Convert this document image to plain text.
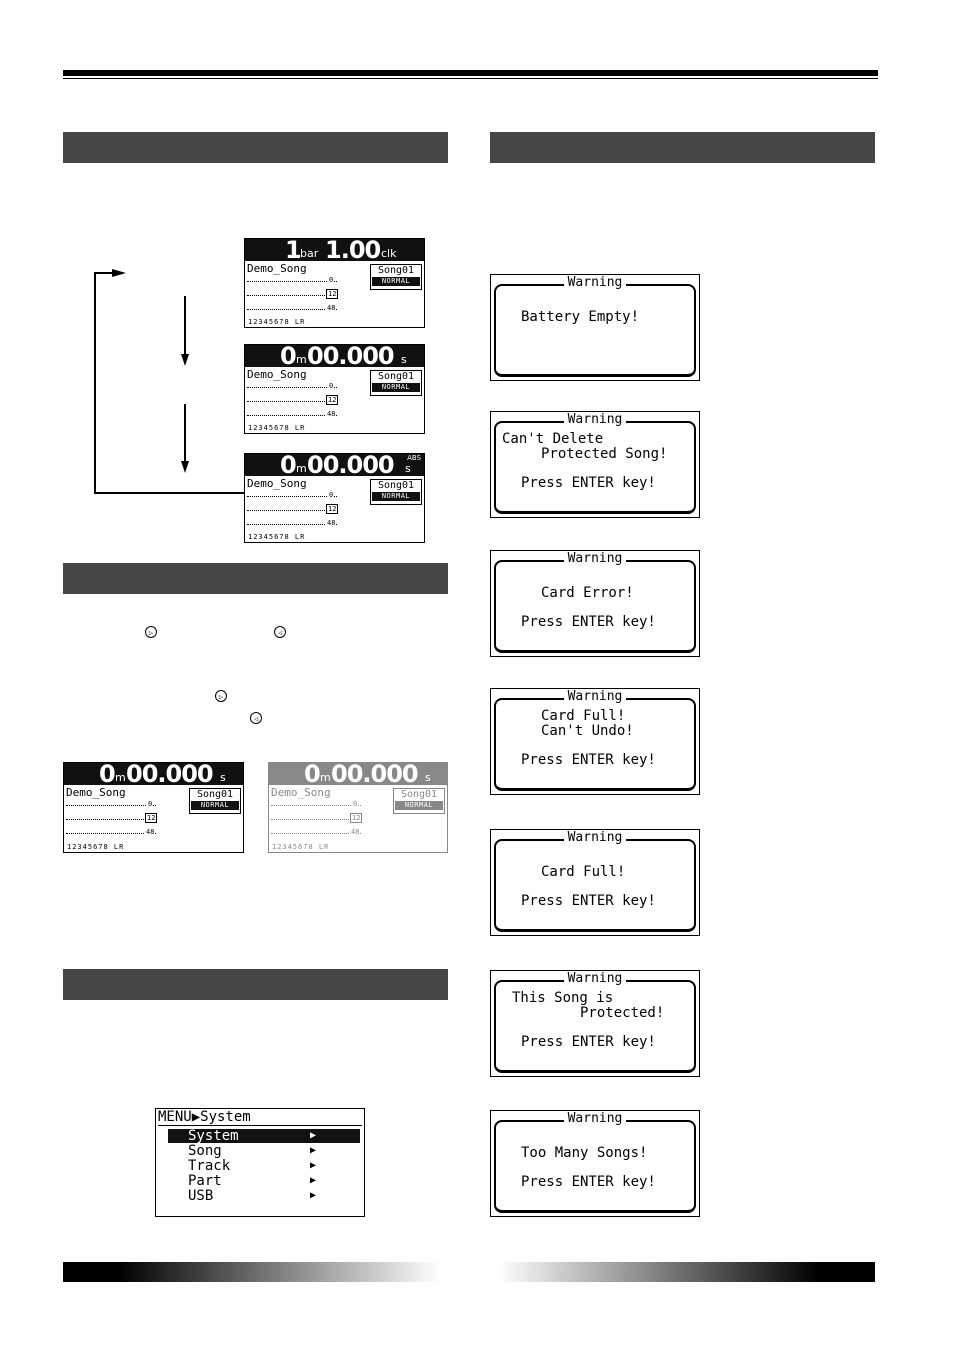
1 bar 1.00 clk
Demo_Song	Song01
NORMAL
0
12
48
12345678 LR
0 m 00.000 s
Demo_Song	Song01
NORMAL
0
12
48
12345678 LR
0 m 00.000 s
ABS
Demo_Song	Song01
NORMAL
0
12
48
12345678 LR
▷	◁
▷
◁
0 m 00.000 s
Demo_Song	Song01
NORMAL
0
12
48
12345678 LR
0 m 00.000 s
Demo_Song	Song01
NORMAL
0
12
48
12345678 LR
MENU▶System
System	▶
Song	▶
Track	▶
Part	▶
USB	▶
Warning
Battery Empty!
Warning
Can't Delete
Protected Song!
Press ENTER key!
Warning
Card Error!
Press ENTER key!
Warning
Card Full!
Can't Undo!
Press ENTER key!
Warning
Card Full!
Press ENTER key!
Warning
This Song is
Protected!
Press ENTER key!
Warning
Too Many Songs!
Press ENTER key!
